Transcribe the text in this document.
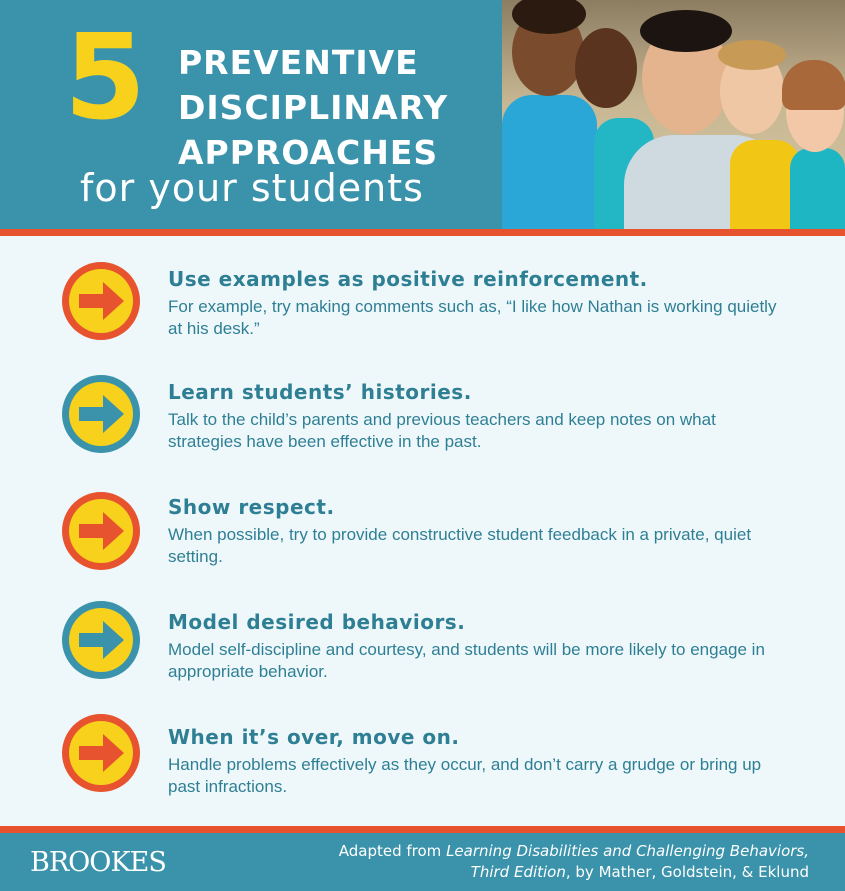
5 PREVENTIVE
DISCIPLINARY
APPROACHES
for your students
Use examples as positive reinforcement.

For example, try making comments such as, “I like how Nathan is working quietly at his desk.”

Learn students’ histories.

Talk to the child’s parents and previous teachers and keep notes on what strategies have been effective in the past.

Show respect.

When possible, try to provide constructive student feedback in a private, quiet setting.

Model desired behaviors.

Model self-discipline and courtesy, and students will be more likely to engage in appropriate behavior.

When it’s over, move on.

Handle problems effectively as they occur, and don’t carry a grudge or bring up past infractions.

BROOKES	Adapted from Learning Disabilities and Challenging Behaviors,
Third Edition, by Mather, Goldstein, & Eklund
